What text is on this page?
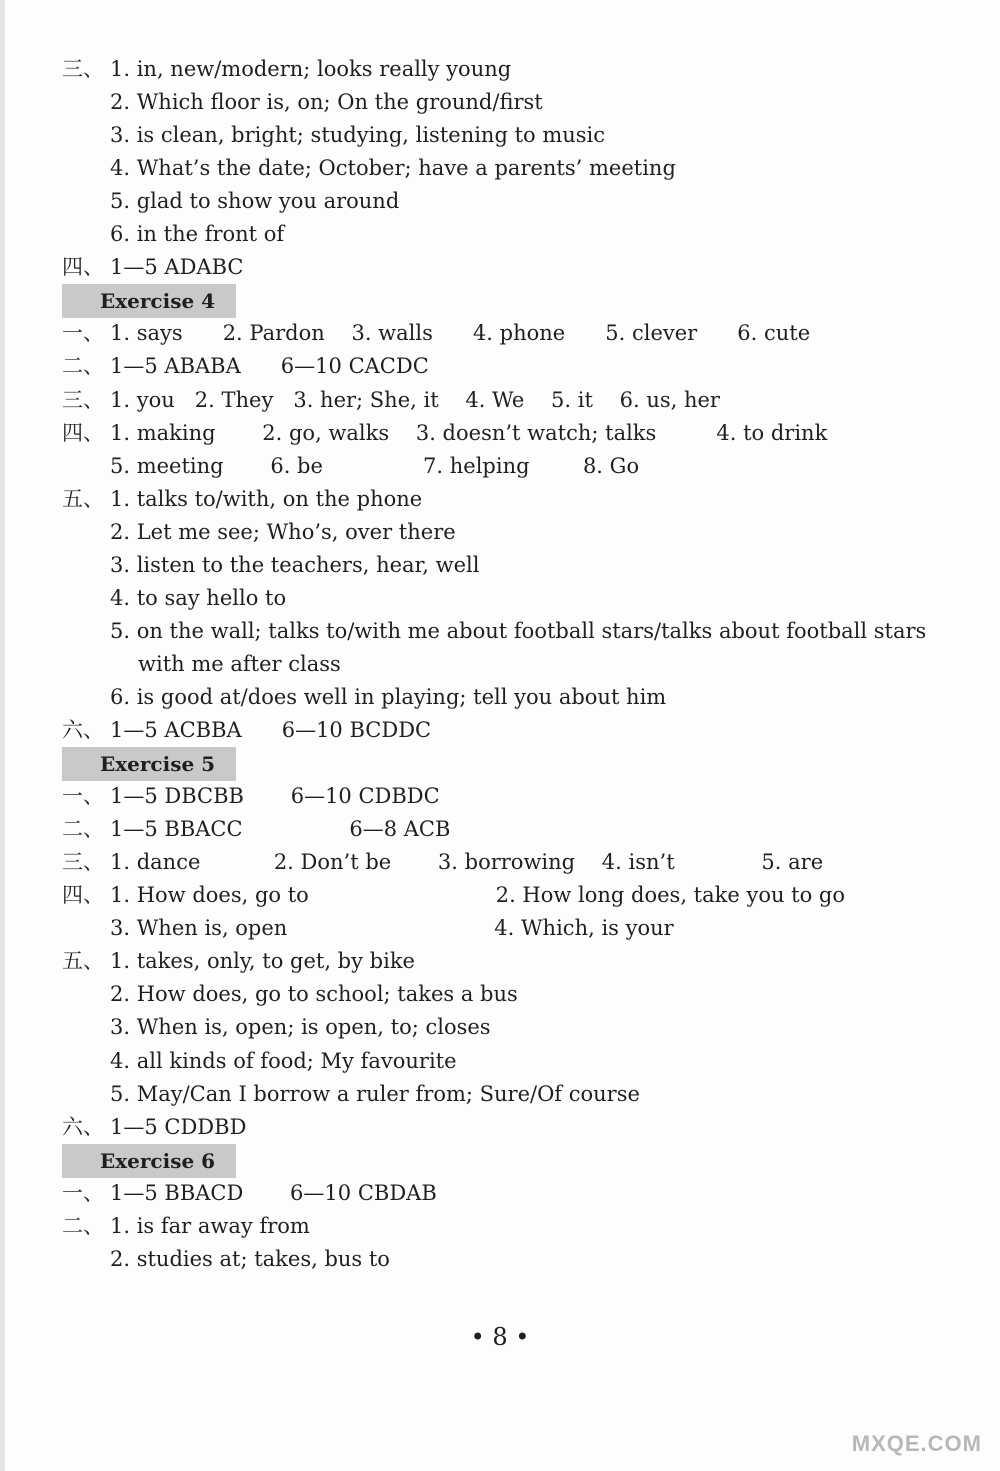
三、 1. in, new/modern; looks really young
2. Which floor is, on; On the ground/first
3. is clean, bright; studying, listening to music
4. What’s the date; October; have a parents’ meeting
5. glad to show you around
6. in the front of
四、 1—5 ADABC
Exercise 4
一、 1. says      2. Pardon    3. walls      4. phone      5. clever      6. cute
二、 1—5 ABABA      6—10 CACDC
三、 1. you   2. They   3. her; She, it    4. We    5. it    6. us, her
四、 1. making       2. go, walks    3. doesn’t watch; talks         4. to drink
5. meeting       6. be               7. helping        8. Go
五、 1. talks to/with, on the phone
2. Let me see; Who’s, over there
3. listen to the teachers, hear, well
4. to say hello to
5. on the wall; talks to/with me about football stars/talks about football stars
with me after class
6. is good at/does well in playing; tell you about him
六、 1—5 ACBBA      6—10 BCDDC
Exercise 5
一、 1—5 DBCBB       6—10 CDBDC
二、 1—5 BBACC                6—8 ACB
三、 1. dance           2. Don’t be       3. borrowing    4. isn’t             5. are
四、 1. How does, go to                            2. How long does, take you to go
3. When is, open                               4. Which, is your
五、 1. takes, only, to get, by bike
2. How does, go to school; takes a bus
3. When is, open; is open, to; closes
4. all kinds of food; My favourite
5. May/Can I borrow a ruler from; Sure/Of course
六、 1—5 CDDBD
Exercise 6
一、 1—5 BBACD       6—10 CBDAB
二、 1. is far away from
2. studies at; takes, bus to
• 8 •
MXQE.COM
